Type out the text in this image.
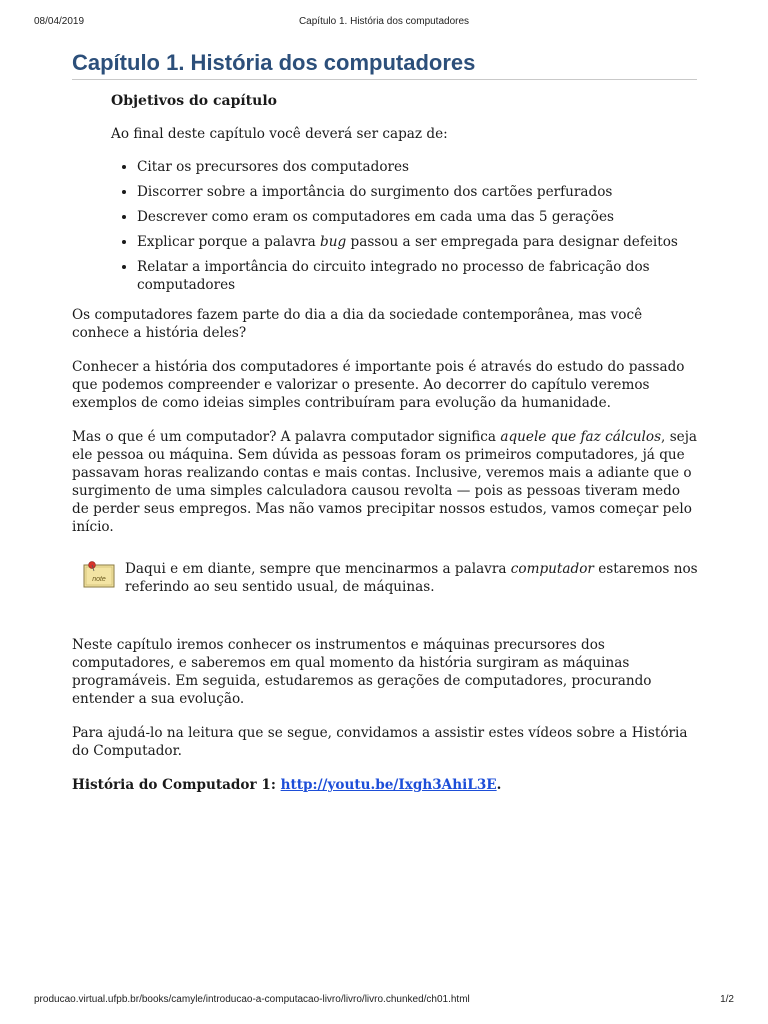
08/04/2019	Capítulo 1. História dos computadores
Capítulo 1. História dos computadores

Objetivos do capítulo

Ao final deste capítulo você deverá ser capaz de:

• Citar os precursores dos computadores
• Discorrer sobre a importância do surgimento dos cartões perfurados
• Descrever como eram os computadores em cada uma das 5 gerações
• Explicar porque a palavra bug passou a ser empregada para designar defeitos
• Relatar a importância do circuito integrado no processo de fabricação dos computadores

Os computadores fazem parte do dia a dia da sociedade contemporânea, mas você conhece a história deles?

Conhecer a história dos computadores é importante pois é através do estudo do passado que podemos compreender e valorizar o presente. Ao decorrer do capítulo veremos exemplos de como ideias simples contribuíram para evolução da humanidade.

Mas o que é um computador? A palavra computador significa aquele que faz cálculos, seja ele pessoa ou máquina. Sem dúvida as pessoas foram os primeiros computadores, já que passavam horas realizando contas e mais contas. Inclusive, veremos mais a adiante que o surgimento de uma simples calculadora causou revolta — pois as pessoas tiveram medo de perder seus empregos. Mas não vamos precipitar nossos estudos, vamos começar pelo início.

note

Daqui e em diante, sempre que mencinarmos a palavra computador estaremos nos referindo ao seu sentido usual, de máquinas.

Neste capítulo iremos conhecer os instrumentos e máquinas precursores dos computadores, e saberemos em qual momento da história surgiram as máquinas programáveis. Em seguida, estudaremos as gerações de computadores, procurando entender a sua evolução.

Para ajudá-lo na leitura que se segue, convidamos a assistir estes vídeos sobre a História do Computador.

História do Computador 1: http://youtu.be/Ixgh3AhiL3E.

producao.virtual.ufpb.br/books/camyle/introducao-a-computacao-livro/livro/livro.chunked/ch01.html	1/2
